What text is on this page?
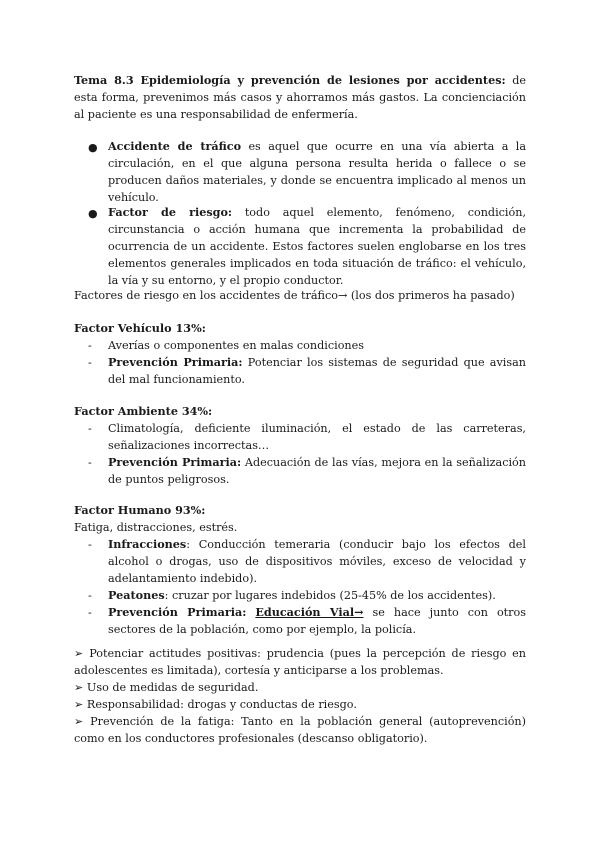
Tema 8.3 Epidemiología y prevención de lesiones por accidentes: de esta forma, prevenimos más casos y ahorramos más gastos. La concienciación al paciente es una responsabilidad de enfermería.

● Accidente de tráfico es aquel que ocurre en una vía abierta a la circulación, en el que alguna persona resulta herida o fallece o se producen daños materiales, y donde se encuentra implicado al menos un vehículo.
● Factor de riesgo: todo aquel elemento, fenómeno, condición, circunstancia o acción humana que incrementa la probabilidad de ocurrencia de un accidente. Estos factores suelen englobarse en los tres elementos generales implicados en toda situación de tráfico: el vehículo, la vía y su entorno, y el propio conductor.
Factores de riesgo en los accidentes de tráfico→ (los dos primeros ha pasado)
Factor Vehículo 13%:
-	Averías o componentes en malas condiciones
-	Prevención Primaria: Potenciar los sistemas de seguridad que avisan del mal funcionamiento.
Factor Ambiente 34%:
-	Climatología, deficiente iluminación, el estado de las carreteras, señalizaciones incorrectas…
-	Prevención Primaria: Adecuación de las vías, mejora en la señalización de puntos peligrosos.
Factor Humano 93%:
Fatiga, distracciones, estrés.
-	Infracciones: Conducción temeraria (conducir bajo los efectos del alcohol o drogas, uso de dispositivos móviles, exceso de velocidad y adelantamiento indebido).
-	Peatones: cruzar por lugares indebidos (25-45% de los accidentes).
-	Prevención Primaria: Educación Vial→ se hace junto con otros sectores de la población, como por ejemplo, la policía.
➢ Potenciar actitudes positivas: prudencia (pues la percepción de riesgo en adolescentes es limitada), cortesía y anticiparse a los problemas.
➢ Uso de medidas de seguridad.
➢ Responsabilidad: drogas y conductas de riesgo.
➢ Prevención de la fatiga: Tanto en la población general (autoprevención) como en los conductores profesionales (descanso obligatorio).
